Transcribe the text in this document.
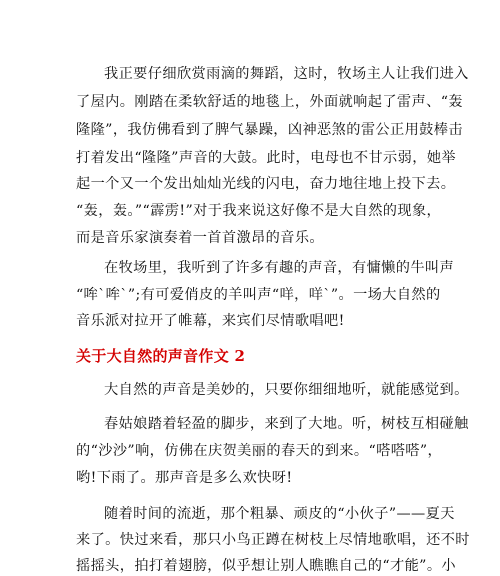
我正要仔细欣赏雨滴的舞蹈，这时，牧场主人让我们进入
了屋内。刚踏在柔软舒适的地毯上，外面就响起了雷声、“轰
隆隆”，我仿佛看到了脾气暴躁，凶神恶煞的雷公正用鼓棒击
打着发出“隆隆”声音的大鼓。此时，电母也不甘示弱，她举
起一个又一个发出灿灿光线的闪电，奋力地往地上投下去。
“轰，轰。”“霹雳!”对于我来说这好像不是大自然的现象，
而是音乐家演奏着一首首激昂的音乐。
在牧场里，我听到了许多有趣的声音，有慵懒的牛叫声
“哞`哞`”;有可爱俏皮的羊叫声“咩，咩`”。一场大自然的
音乐派对拉开了帷幕，来宾们尽情歌唱吧!
关于大自然的声音作文 2
大自然的声音是美妙的，只要你细细地听，就能感觉到。
春姑娘踏着轻盈的脚步，来到了大地。听，树枝互相碰触
的“沙沙”响，仿佛在庆贺美丽的春天的到来。“嗒嗒嗒”，
哟!下雨了。那声音是多么欢快呀!
随着时间的流逝，那个粗暴、顽皮的“小伙子”——夏天
来了。快过来看，那只小鸟正蹲在树枝上尽情地歌唱，还不时
摇摇头，拍打着翅膀，似乎想让别人瞧瞧自己的“才能”。小
